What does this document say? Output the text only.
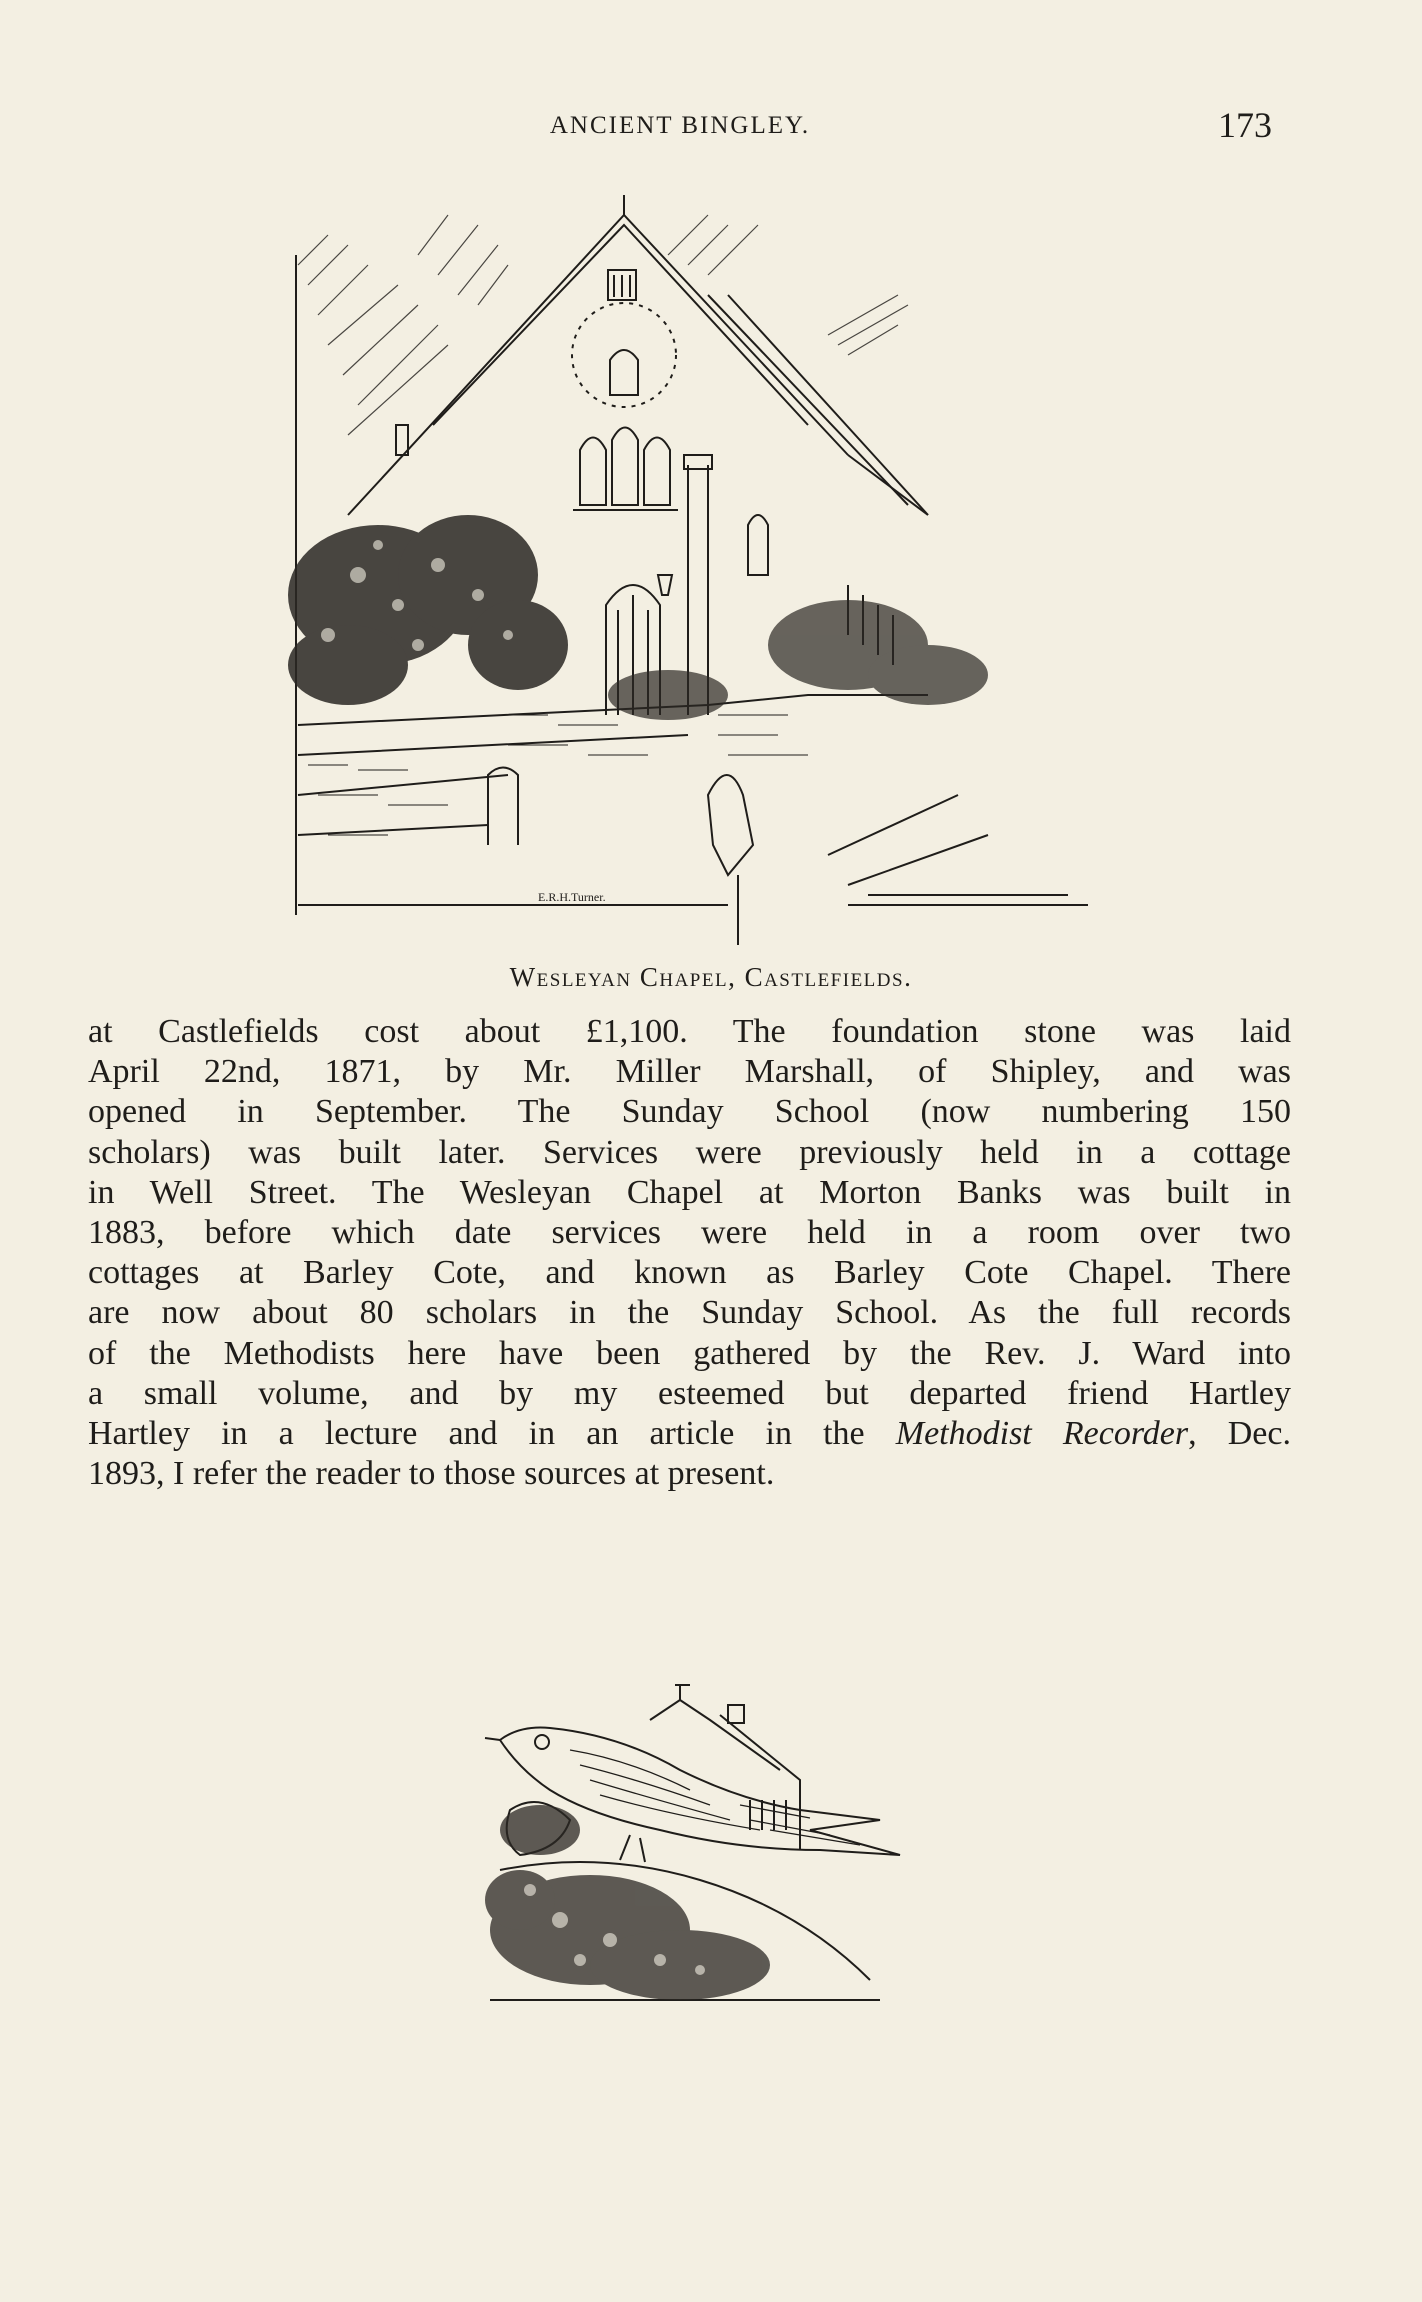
ANCIENT BINGLEY.	173
E.R.H.Turner.
Wesleyan Chapel, Castlefields.
at Castlefields cost about £1,100. The foundation stone was laid
April 22nd, 1871, by Mr. Miller Marshall, of Shipley, and was
opened in September. The Sunday School (now numbering 150
scholars) was built later. Services were previously held in a cottage
in Well Street. The Wesleyan Chapel at Morton Banks was built in
1883, before which date services were held in a room over two
cottages at Barley Cote, and known as Barley Cote Chapel. There
are now about 80 scholars in the Sunday School. As the full records
of the Methodists here have been gathered by the Rev. J. Ward into
a small volume, and by my esteemed but departed friend Hartley
Hartley in a lecture and in an article in the Methodist Recorder, Dec.
1893, I refer the reader to those sources at present.
